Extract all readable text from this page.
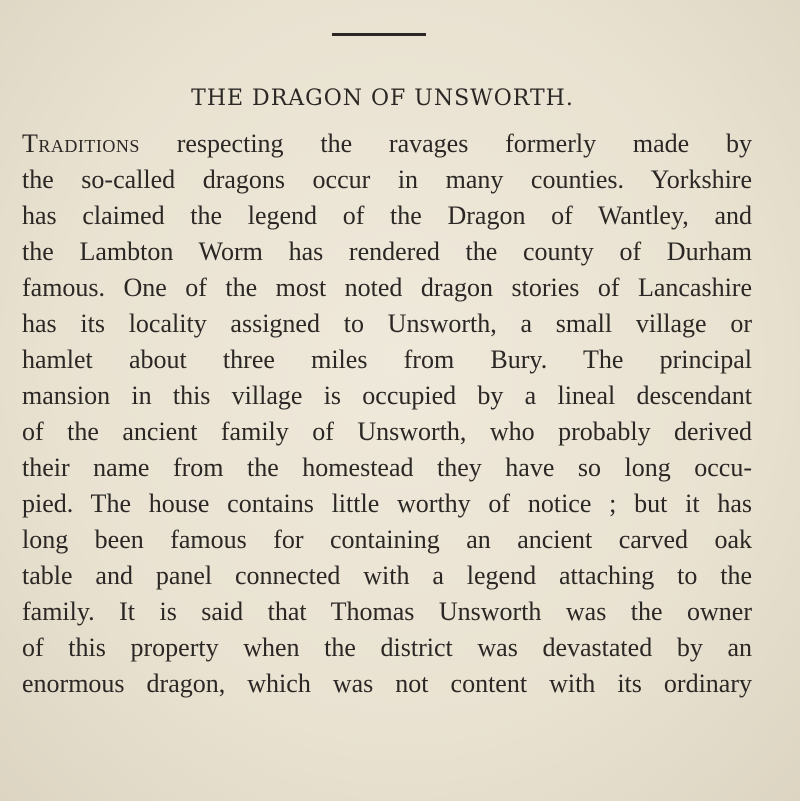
THE DRAGON OF UNSWORTH.
Traditions respecting the ravages formerly made by
the so-called dragons occur in many counties. Yorkshire
has claimed the legend of the Dragon of Wantley, and
the Lambton Worm has rendered the county of Durham
famous. One of the most noted dragon stories of Lancashire
has its locality assigned to Unsworth, a small village or
hamlet about three miles from Bury. The principal
mansion in this village is occupied by a lineal descendant
of the ancient family of Unsworth, who probably derived
their name from the homestead they have so long occu-
pied. The house contains little worthy of notice ; but it has
long been famous for containing an ancient carved oak
table and panel connected with a legend attaching to the
family. It is said that Thomas Unsworth was the owner
of this property when the district was devastated by an
enormous dragon, which was not content with its ordinary
